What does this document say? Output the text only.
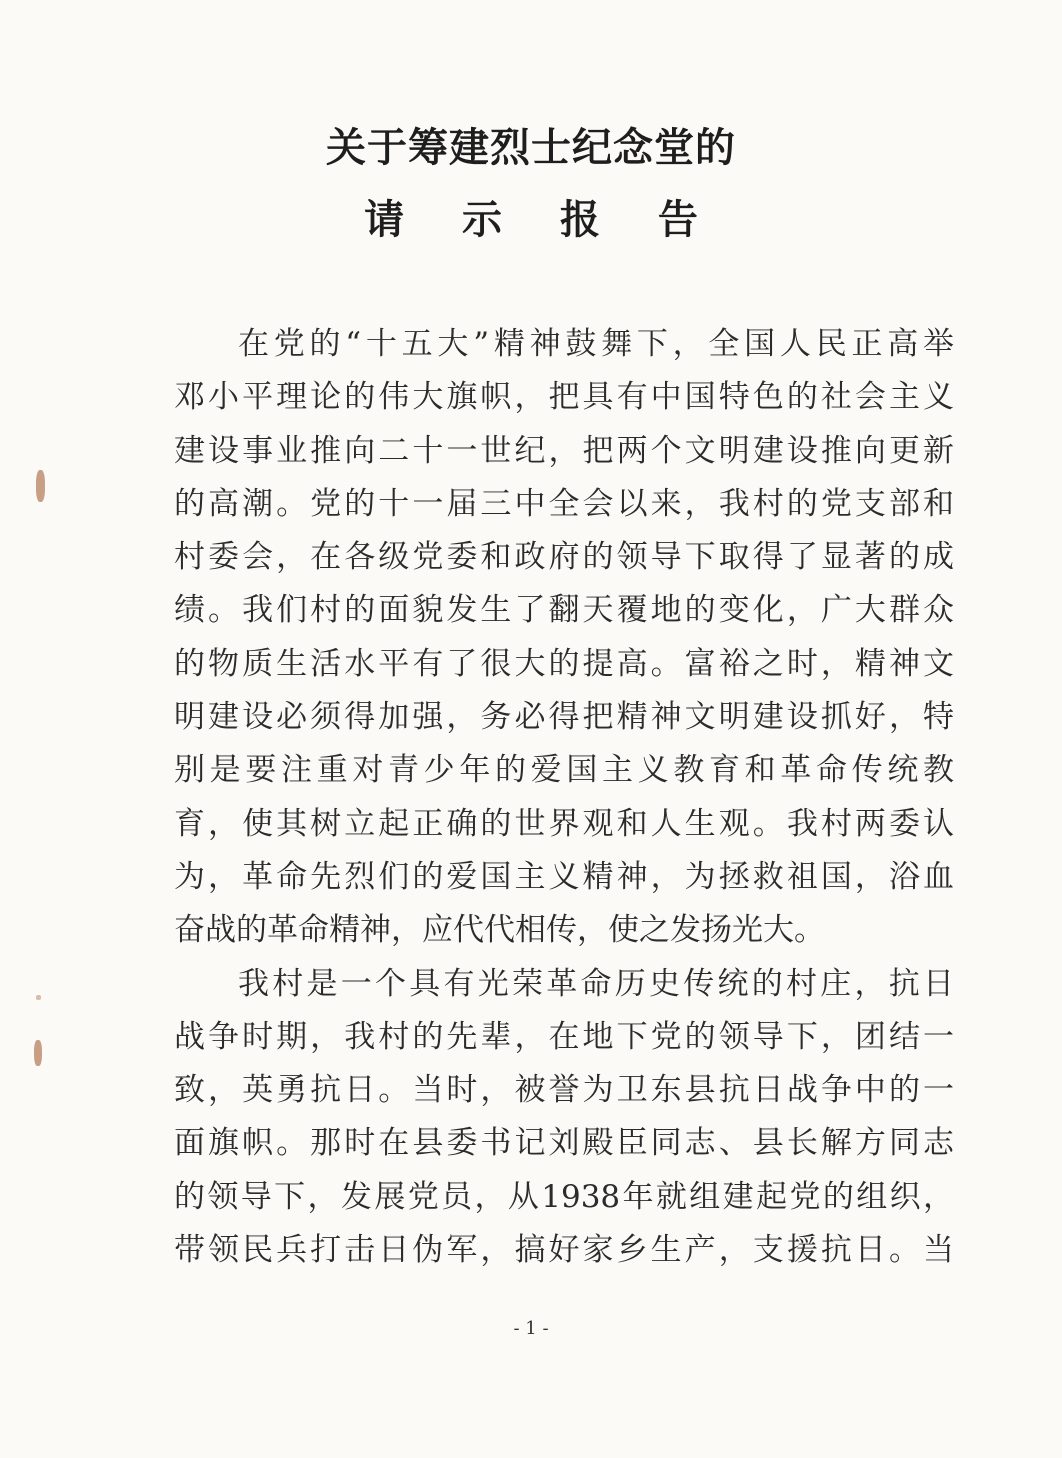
关于筹建烈士纪念堂的
请 示 报 告
在党的“十五大”精神鼓舞下，全国人民正高举
邓小平理论的伟大旗帜，把具有中国特色的社会主义
建设事业推向二十一世纪，把两个文明建设推向更新
的高潮。党的十一届三中全会以来，我村的党支部和
村委会，在各级党委和政府的领导下取得了显著的成
绩。我们村的面貌发生了翻天覆地的变化，广大群众
的物质生活水平有了很大的提高。富裕之时，精神文
明建设必须得加强，务必得把精神文明建设抓好，特
别是要注重对青少年的爱国主义教育和革命传统教
育，使其树立起正确的世界观和人生观。我村两委认
为，革命先烈们的爱国主义精神，为拯救祖国，浴血
奋战的革命精神，应代代相传，使之发扬光大。
我村是一个具有光荣革命历史传统的村庄，抗日
战争时期，我村的先辈，在地下党的领导下，团结一
致，英勇抗日。当时，被誉为卫东县抗日战争中的一
面旗帜。那时在县委书记刘殿臣同志、县长解方同志
的领导下，发展党员，从1938年就组建起党的组织，
带领民兵打击日伪军，搞好家乡生产，支援抗日。当
- 1 -
